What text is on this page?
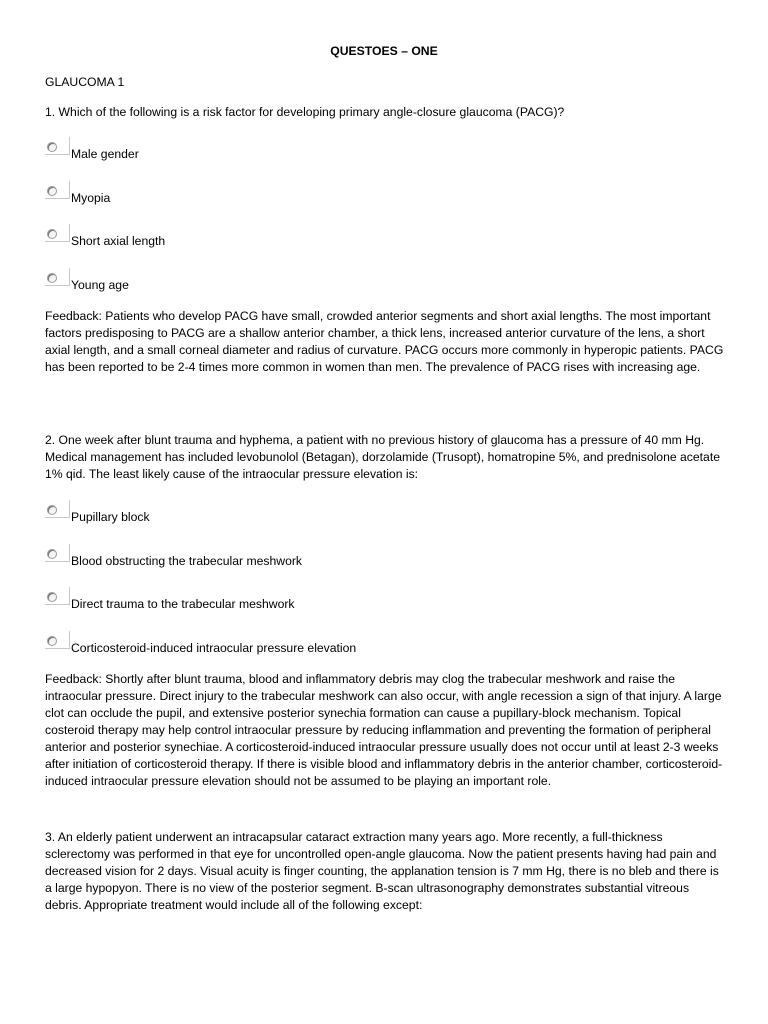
QUESTOES – ONE
GLAUCOMA 1
1. Which of the following is a risk factor for developing primary angle-closure glaucoma (PACG)?
Male gender
Myopia
Short axial length
Young age
Feedback: Patients who develop PACG have small, crowded anterior segments and short axial lengths. The most important factors predisposing to PACG are a shallow anterior chamber, a thick lens, increased anterior curvature of the lens, a short axial length, and a small corneal diameter and radius of curvature. PACG occurs more commonly in hyperopic patients. PACG has been reported to be 2-4 times more common in women than men. The prevalence of PACG rises with increasing age.
2. One week after blunt trauma and hyphema, a patient with no previous history of glaucoma has a pressure of 40 mm Hg. Medical management has included levobunolol (Betagan), dorzolamide (Trusopt), homatropine 5%, and prednisolone acetate 1% qid. The least likely cause of the intraocular pressure elevation is:
Pupillary block
Blood obstructing the trabecular meshwork
Direct trauma to the trabecular meshwork
Corticosteroid-induced intraocular pressure elevation
Feedback: Shortly after blunt trauma, blood and inflammatory debris may clog the trabecular meshwork and raise the intraocular pressure. Direct injury to the trabecular meshwork can also occur, with angle recession a sign of that injury. A large clot can occlude the pupil, and extensive posterior synechia formation can cause a pupillary-block mechanism. Topical costeroid therapy may help control intraocular pressure by reducing inflammation and preventing the formation of peripheral anterior and posterior synechiae. A corticosteroid-induced intraocular pressure usually does not occur until at least 2-3 weeks after initiation of corticosteroid therapy. If there is visible blood and inflammatory debris in the anterior chamber, corticosteroid-induced intraocular pressure elevation should not be assumed to be playing an important role.
3. An elderly patient underwent an intracapsular cataract extraction many years ago. More recently, a full-thickness sclerectomy was performed in that eye for uncontrolled open-angle glaucoma. Now the patient presents having had pain and decreased vision for 2 days. Visual acuity is finger counting, the applanation tension is 7 mm Hg, there is no bleb and there is a large hypopyon. There is no view of the posterior segment. B-scan ultrasonography demonstrates substantial vitreous debris. Appropriate treatment would include all of the following except:
